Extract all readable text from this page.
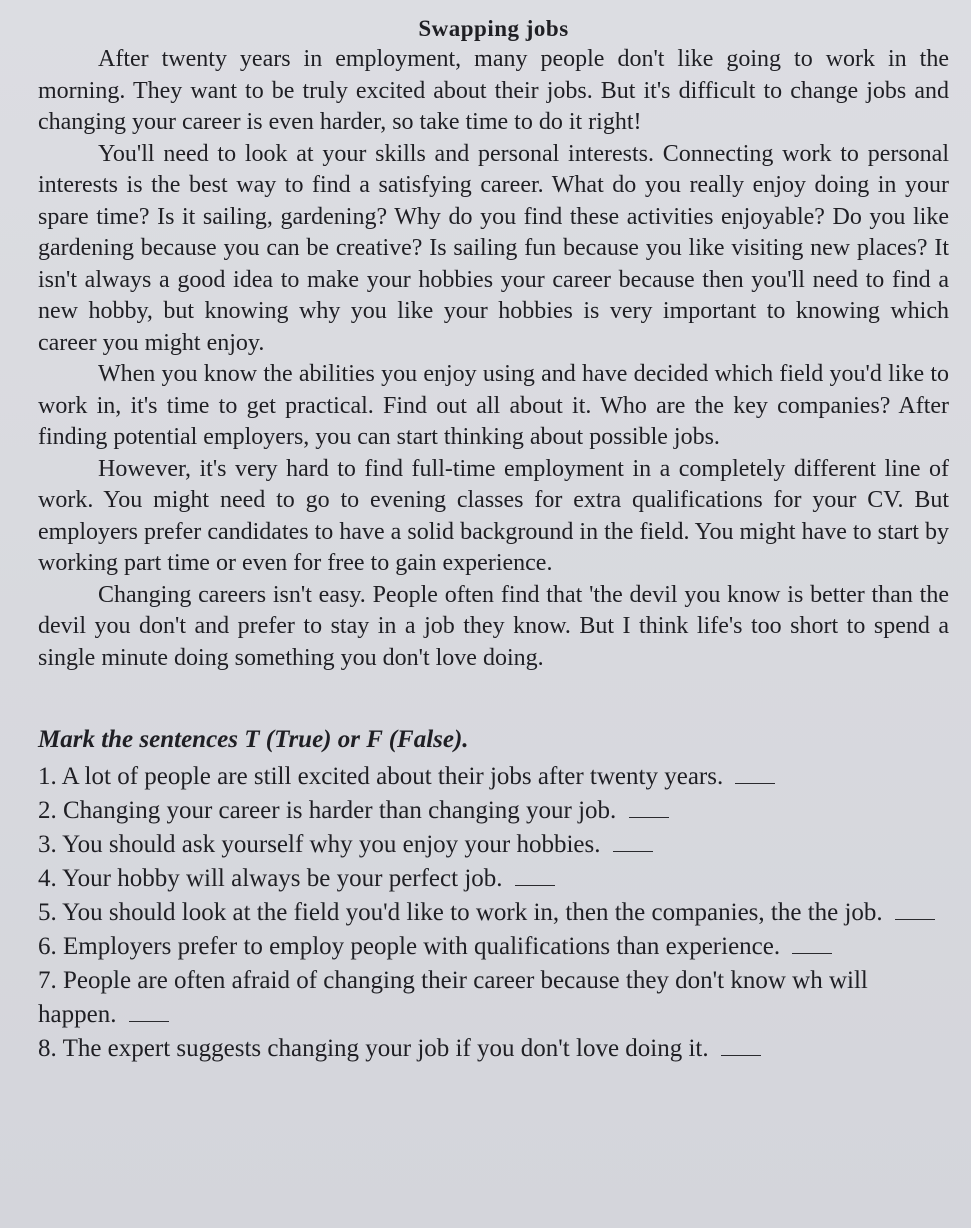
Swapping jobs

After twenty years in employment, many people don't like going to work in the morning. They want to be truly excited about their jobs. But it's difficult to change jobs and changing your career is even harder, so take time to do it right!

You'll need to look at your skills and personal interests. Connecting work to personal interests is the best way to find a satisfying career. What do you really enjoy doing in your spare time? Is it sailing, gardening? Why do you find these activities enjoyable? Do you like gardening because you can be creative? Is sailing fun because you like visiting new places? It isn't always a good idea to make your hobbies your career because then you'll need to find a new hobby, but knowing why you like your hobbies is very important to knowing which career you might enjoy.

When you know the abilities you enjoy using and have decided which field you'd like to work in, it's time to get practical. Find out all about it. Who are the key companies? After finding potential employers, you can start thinking about possible jobs.

However, it's very hard to find full-time employment in a completely different line of work. You might need to go to evening classes for extra qualifications for your CV. But employers prefer candidates to have a solid background in the field. You might have to start by working part time or even for free to gain experience.

Changing careers isn't easy. People often find that 'the devil you know is better than the devil you don't and prefer to stay in a job they know. But I think life's too short to spend a single minute doing something you don't love doing.

Mark the sentences T (True) or F (False).
1. A lot of people are still excited about their jobs after twenty years.
2. Changing your career is harder than changing your job.
3. You should ask yourself why you enjoy your hobbies.
4. Your hobby will always be your perfect job.
5. You should look at the field you'd like to work in, then the companies, the the job.
6. Employers prefer to employ people with qualifications than experience.
7. People are often afraid of changing their career because they don't know wh will happen.
8. The expert suggests changing your job if you don't love doing it.
